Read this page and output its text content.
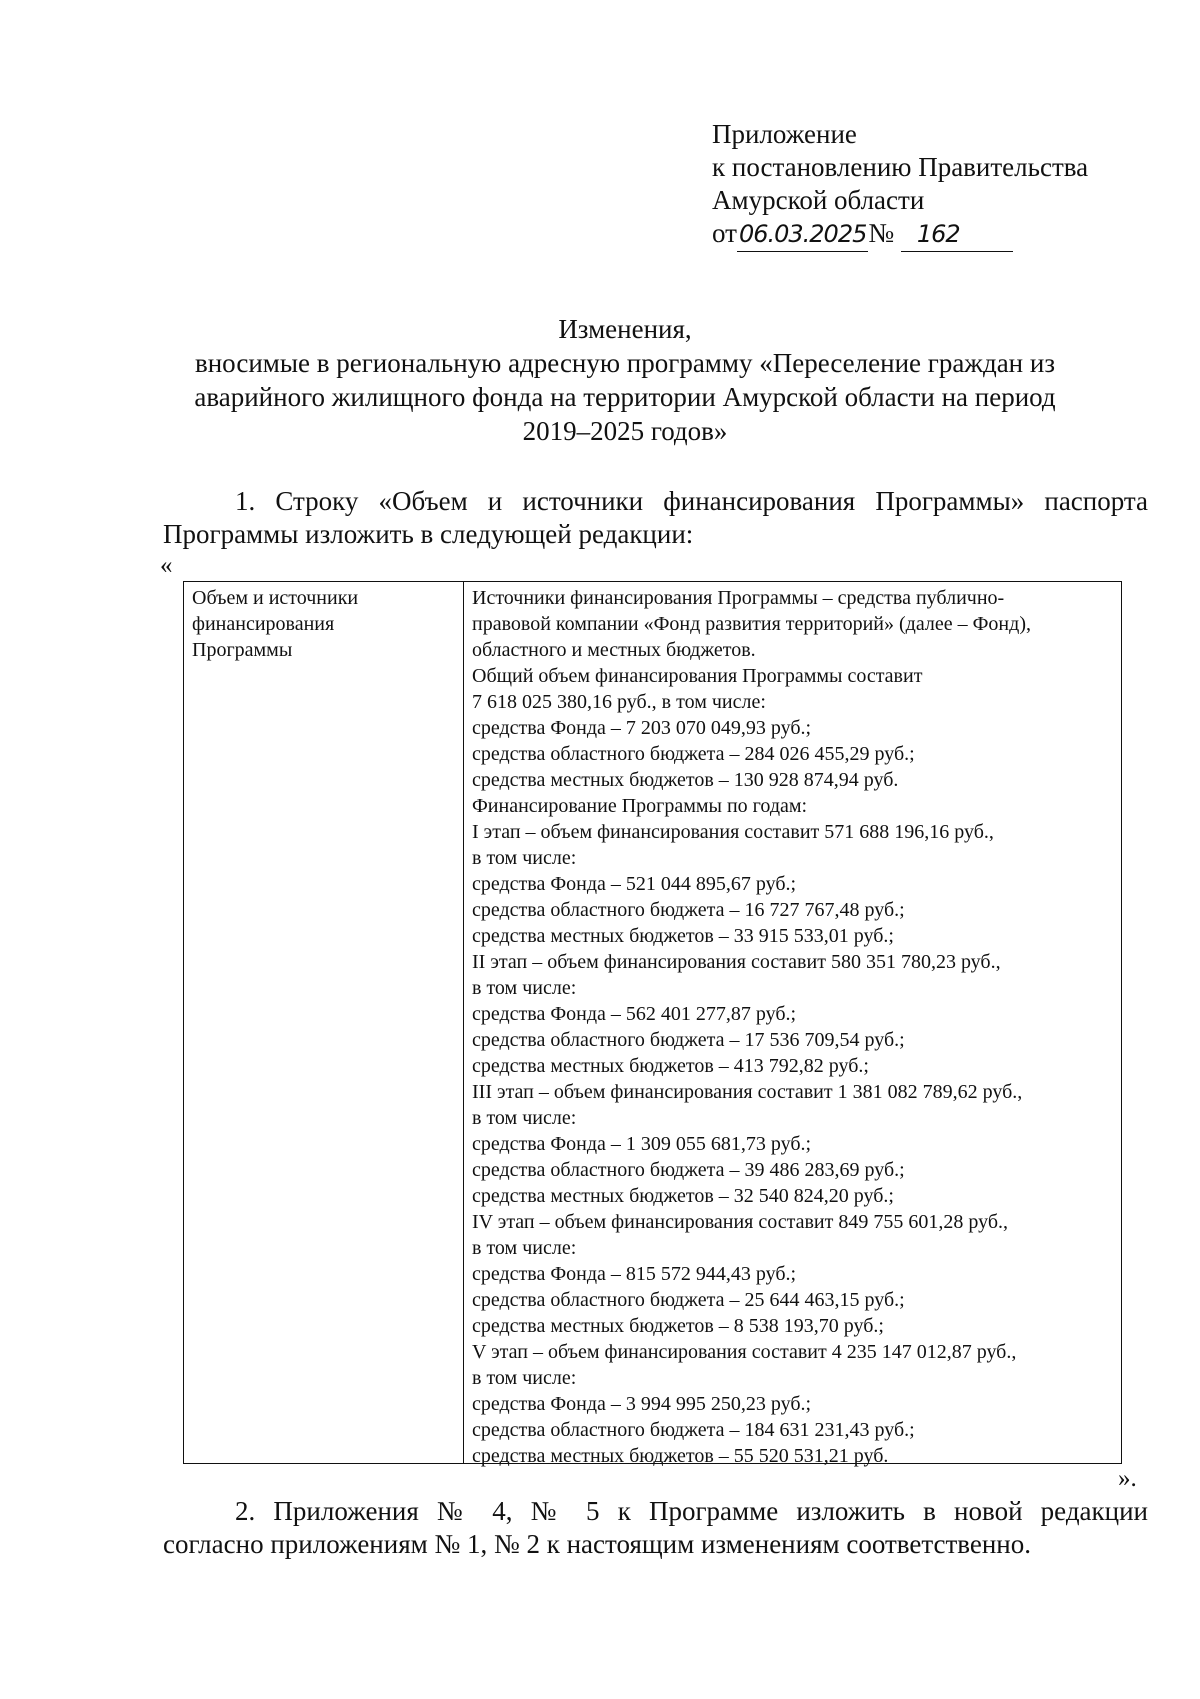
Приложение
к постановлению Правительства
Амурской области
от06.03.2025№ 162
Изменения,
вносимые в региональную адресную программу «Переселение граждан из
аварийного жилищного фонда на территории Амурской области на период
2019–2025 годов»
1. Строку «Объем и источники финансирования Программы» паспорта
Программы изложить в следующей редакции:
«
Объем и источники
финансирования
Программы
Источники финансирования Программы – средства публично-
правовой компании «Фонд развития территорий» (далее – Фонд),
областного и местных бюджетов.
Общий объем финансирования Программы составит
7 618 025 380,16 руб., в том числе:
средства Фонда – 7 203 070 049,93 руб.;
средства областного бюджета – 284 026 455,29 руб.;
средства местных бюджетов – 130 928 874,94 руб.
Финансирование Программы по годам:
I этап – объем финансирования составит 571 688 196,16 руб.,
в том числе:
средства Фонда – 521 044 895,67 руб.;
средства областного бюджета – 16 727 767,48 руб.;
средства местных бюджетов – 33 915 533,01 руб.;
II этап – объем финансирования составит 580 351 780,23 руб.,
в том числе:
средства Фонда – 562 401 277,87 руб.;
средства областного бюджета – 17 536 709,54 руб.;
средства местных бюджетов – 413 792,82 руб.;
III этап – объем финансирования составит 1 381 082 789,62 руб.,
в том числе:
средства Фонда – 1 309 055 681,73 руб.;
средства областного бюджета – 39 486 283,69 руб.;
средства местных бюджетов – 32 540 824,20 руб.;
IV этап – объем финансирования составит 849 755 601,28 руб.,
в том числе:
средства Фонда – 815 572 944,43 руб.;
средства областного бюджета – 25 644 463,15 руб.;
средства местных бюджетов – 8 538 193,70 руб.;
V этап – объем финансирования составит 4 235 147 012,87 руб.,
в том числе:
средства Фонда – 3 994 995 250,23 руб.;
средства областного бюджета – 184 631 231,43 руб.;
средства местных бюджетов – 55 520 531,21 руб.
».
2. Приложения № 4, № 5 к Программе изложить в новой редакции
согласно приложениям № 1, № 2 к настоящим изменениям соответственно.
